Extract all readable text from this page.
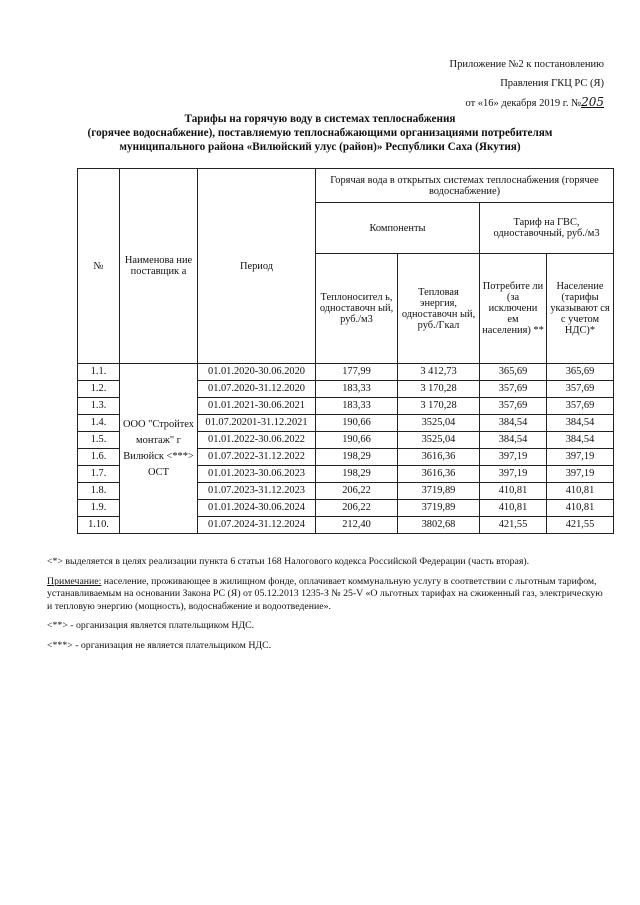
Приложение №2 к постановлению
Правления ГКЦ РС (Я)
от «16» декабря 2019 г. №205
Тарифы на горячую воду в системах теплоснабжения
(горячее водоснабжение), поставляемую теплоснабжающими организациями потребителям
муниципального района «Вилюйский улус (район)» Республики Саха (Якутия)
№	Наименова ние поставщик а	Период	Горячая вода в открытых системах теплоснабжения (горячее водоснабжение)			
			Компоненты		Тариф на ГВС, одноставочный, руб./м3	
			Теплоносител ь, одноставочн ый, руб./м3	Тепловая энергия, одноставочн ый, руб./Гкал	Потребите ли (за исключени ем населения) **	Население (тарифы указывают ся с учетом НДС)*
1.1.	ООО "Стройтех монтаж" г Вилюйск <***> ОСТ	01.01.2020-30.06.2020	177,99	3 412,73	365,69	365,69
1.2.		01.07.2020-31.12.2020	183,33	3 170,28	357,69	357,69
1.3.		01.01.2021-30.06.2021	183,33	3 170,28	357,69	357,69
1.4.		01.07.20201-31.12.2021	190,66	3525,04	384,54	384,54
1.5.		01.01.2022-30.06.2022	190,66	3525,04	384,54	384,54
1.6.		01.07.2022-31.12.2022	198,29	3616,36	397,19	397,19
1.7.		01.01.2023-30.06.2023	198,29	3616,36	397,19	397,19
1.8.		01.07.2023-31.12.2023	206,22	3719,89	410,81	410,81
1.9.		01.01.2024-30.06.2024	206,22	3719,89	410,81	410,81
1.10.		01.07.2024-31.12.2024	212,40	3802,68	421,55	421,55

<*> выделяется в целях реализации пункта 6 статьи 168 Налогового кодекса Российской Федерации (часть вторая).

Примечание: население, проживающее в жилищном фонде, оплачивает коммунальную услугу в соответствии с льготным тарифом, устанавливаемым на основании Закона РС (Я) от 05.12.2013 1235-З № 25-V «О льготных тарифах на сжиженный газ, электрическую и тепловую энергию (мощность), водоснабжение и водоотведение».

<**> - организация является плательщиком НДС.

<***> - организация не является плательщиком НДС.
